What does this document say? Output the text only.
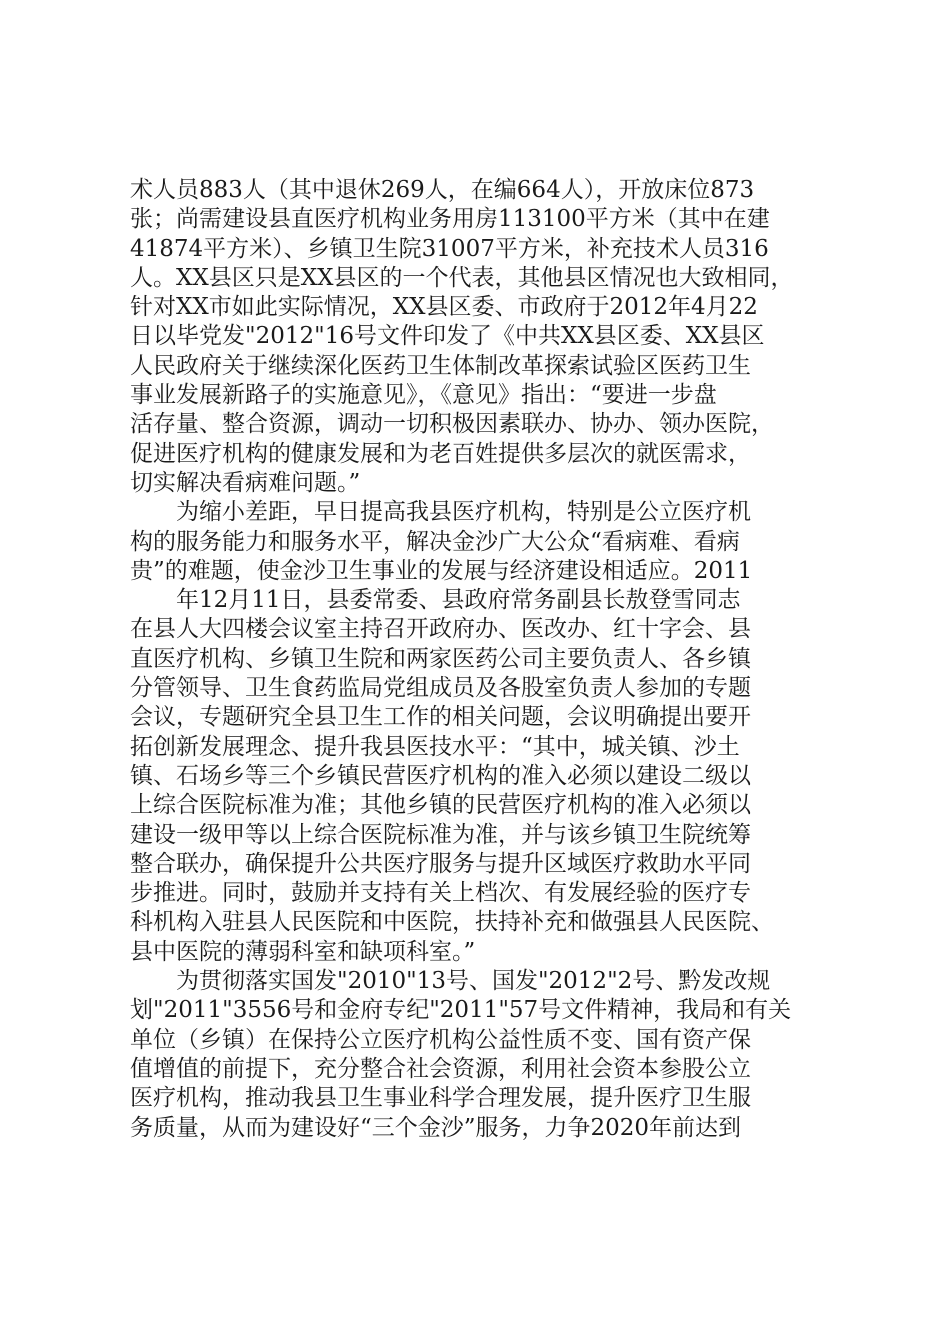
术人员883人（其中退休269人，在编664人），开放床位873
张；尚需建设县直医疗机构业务用房113100平方米（其中在建
41874平方米）、乡镇卫生院31007平方米，补充技术人员316
人。XX县区只是XX县区的一个代表，其他县区情况也大致相同，
针对XX市如此实际情况，XX县区委、市政府于2012年4月22
日以毕党发"2012"16号文件印发了《中共XX县区委、XX县区
人民政府关于继续深化医药卫生体制改革探索试验区医药卫生
事业发展新路子的实施意见》，《意见》指出：“要进一步盘
活存量、整合资源，调动一切积极因素联办、协办、领办医院，
促进医疗机构的健康发展和为老百姓提供多层次的就医需求，
切实解决看病难问题。”
为缩小差距，早日提高我县医疗机构，特别是公立医疗机
构的服务能力和服务水平，解决金沙广大公众“看病难、看病
贵”的难题，使金沙卫生事业的发展与经济建设相适应。2011
年12月11日，县委常委、县政府常务副县长敖登雪同志
在县人大四楼会议室主持召开政府办、医改办、红十字会、县
直医疗机构、乡镇卫生院和两家医药公司主要负责人、各乡镇
分管领导、卫生食药监局党组成员及各股室负责人参加的专题
会议，专题研究全县卫生工作的相关问题，会议明确提出要开
拓创新发展理念、提升我县医技水平：“其中，城关镇、沙土
镇、石场乡等三个乡镇民营医疗机构的准入必须以建设二级以
上综合医院标准为准；其他乡镇的民营医疗机构的准入必须以
建设一级甲等以上综合医院标准为准，并与该乡镇卫生院统筹
整合联办，确保提升公共医疗服务与提升区域医疗救助水平同
步推进。同时，鼓励并支持有关上档次、有发展经验的医疗专
科机构入驻县人民医院和中医院，扶持补充和做强县人民医院、
县中医院的薄弱科室和缺项科室。”
为贯彻落实国发"2010"13号、国发"2012"2号、黔发改规
划"2011"3556号和金府专纪"2011"57号文件精神，我局和有关
单位（乡镇）在保持公立医疗机构公益性质不变、国有资产保
值增值的前提下，充分整合社会资源，利用社会资本参股公立
医疗机构，推动我县卫生事业科学合理发展，提升医疗卫生服
务质量，从而为建设好“三个金沙”服务，力争2020年前达到
